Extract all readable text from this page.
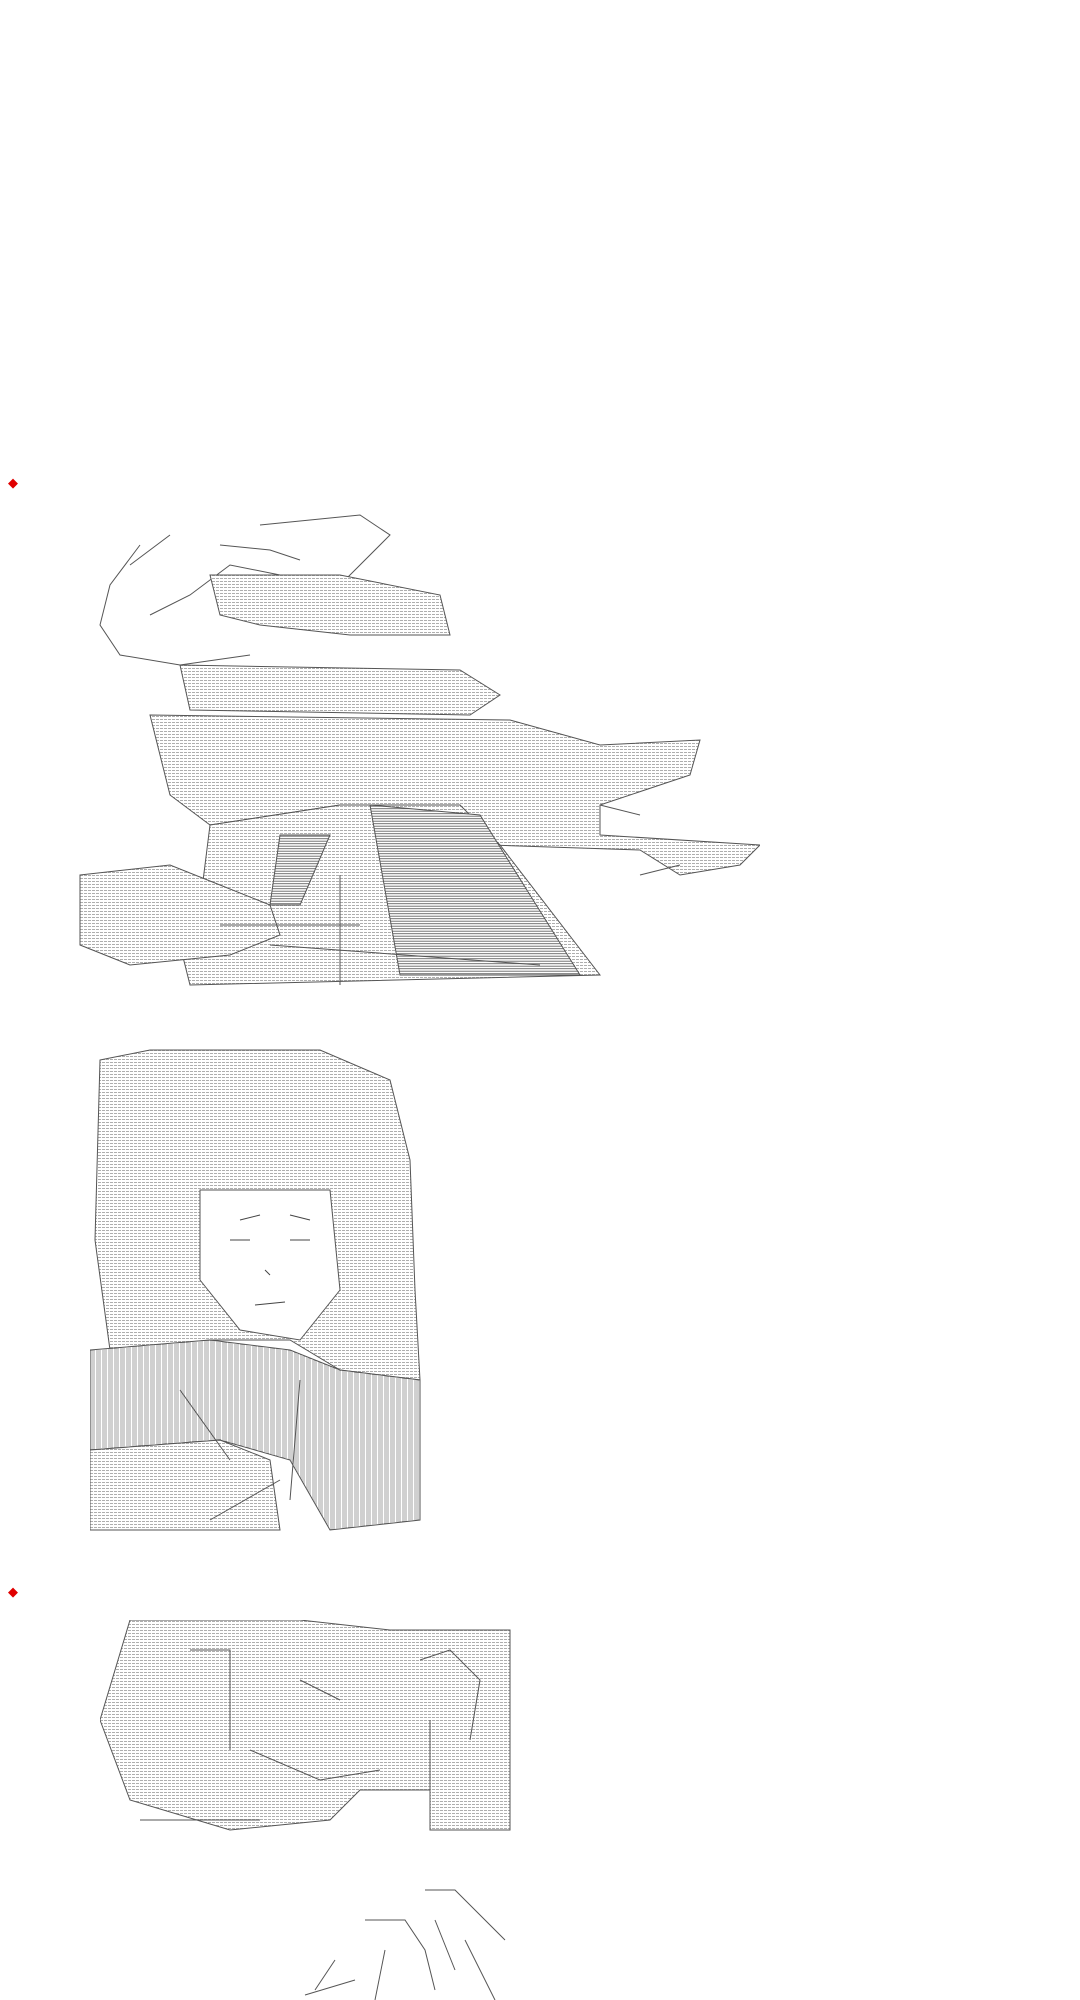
◆
◆
